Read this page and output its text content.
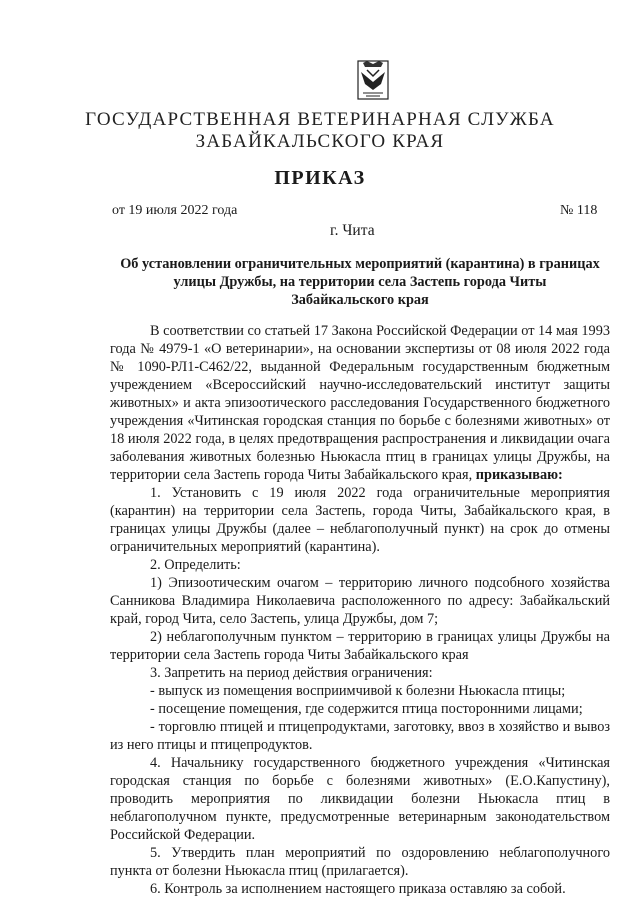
ГОСУДАРСТВЕННАЯ ВЕТЕРИНАРНАЯ СЛУЖБА
ЗАБАЙКАЛЬСКОГО КРАЯ
ПРИКАЗ
от 19 июля 2022 года	№ 118
г. Чита
Об установлении ограничительных мероприятий (карантина) в границах
улицы Дружбы, на территории села Застепь города Читы
Забайкальского края

В соответствии со статьей 17 Закона Российской Федерации от 14 мая 1993 года № 4979-1 «О ветеринарии», на основании экспертизы от 08 июля 2022 года № 1090-РЛ1-С462/22, выданной Федеральным государственным бюджетным учреждением «Всероссийский научно-исследовательский институт защиты животных» и акта эпизоотического расследования Государственного бюджетного учреждения «Читинская городская станция по борьбе с болезнями животных» от 18 июля 2022 года, в целях предотвращения распространения и ликвидации очага заболевания животных болезнью Ньюкасла птиц в границах улицы Дружбы, на территории села Застепь города Читы Забайкальского края, приказываю:

1. Установить с 19 июля 2022 года ограничительные мероприятия (карантин) на территории села Застепь, города Читы, Забайкальского края, в границах улицы Дружбы (далее – неблагополучный пункт) на срок до отмены ограничительных мероприятий (карантина).

2. Определить:

1) Эпизоотическим очагом – территорию личного подсобного хозяйства Санникова Владимира Николаевича расположенного по адресу: Забайкальский край, город Чита, село Застепь, улица Дружбы, дом 7;

2) неблагополучным пунктом – территорию в границах улицы Дружбы на территории села Застепь города Читы Забайкальского края

3. Запретить на период действия ограничения:

- выпуск из помещения восприимчивой к болезни Ньюкасла птицы;

- посещение помещения, где содержится птица посторонними лицами;

- торговлю птицей и птицепродуктами, заготовку, ввоз в хозяйство и вывоз из него птицы и птицепродуктов.

4. Начальнику государственного бюджетного учреждения «Читинская городская станция по борьбе с болезнями животных» (Е.О.Капустину), проводить мероприятия по ликвидации болезни Ньюкасла птиц в неблагополучном пункте, предусмотренные ветеринарным законодательством Российской Федерации.

5. Утвердить план мероприятий по оздоровлению неблагополучного пункта от болезни Ньюкасла птиц (прилагается).

6. Контроль за исполнением настоящего приказа оставляю за собой.
